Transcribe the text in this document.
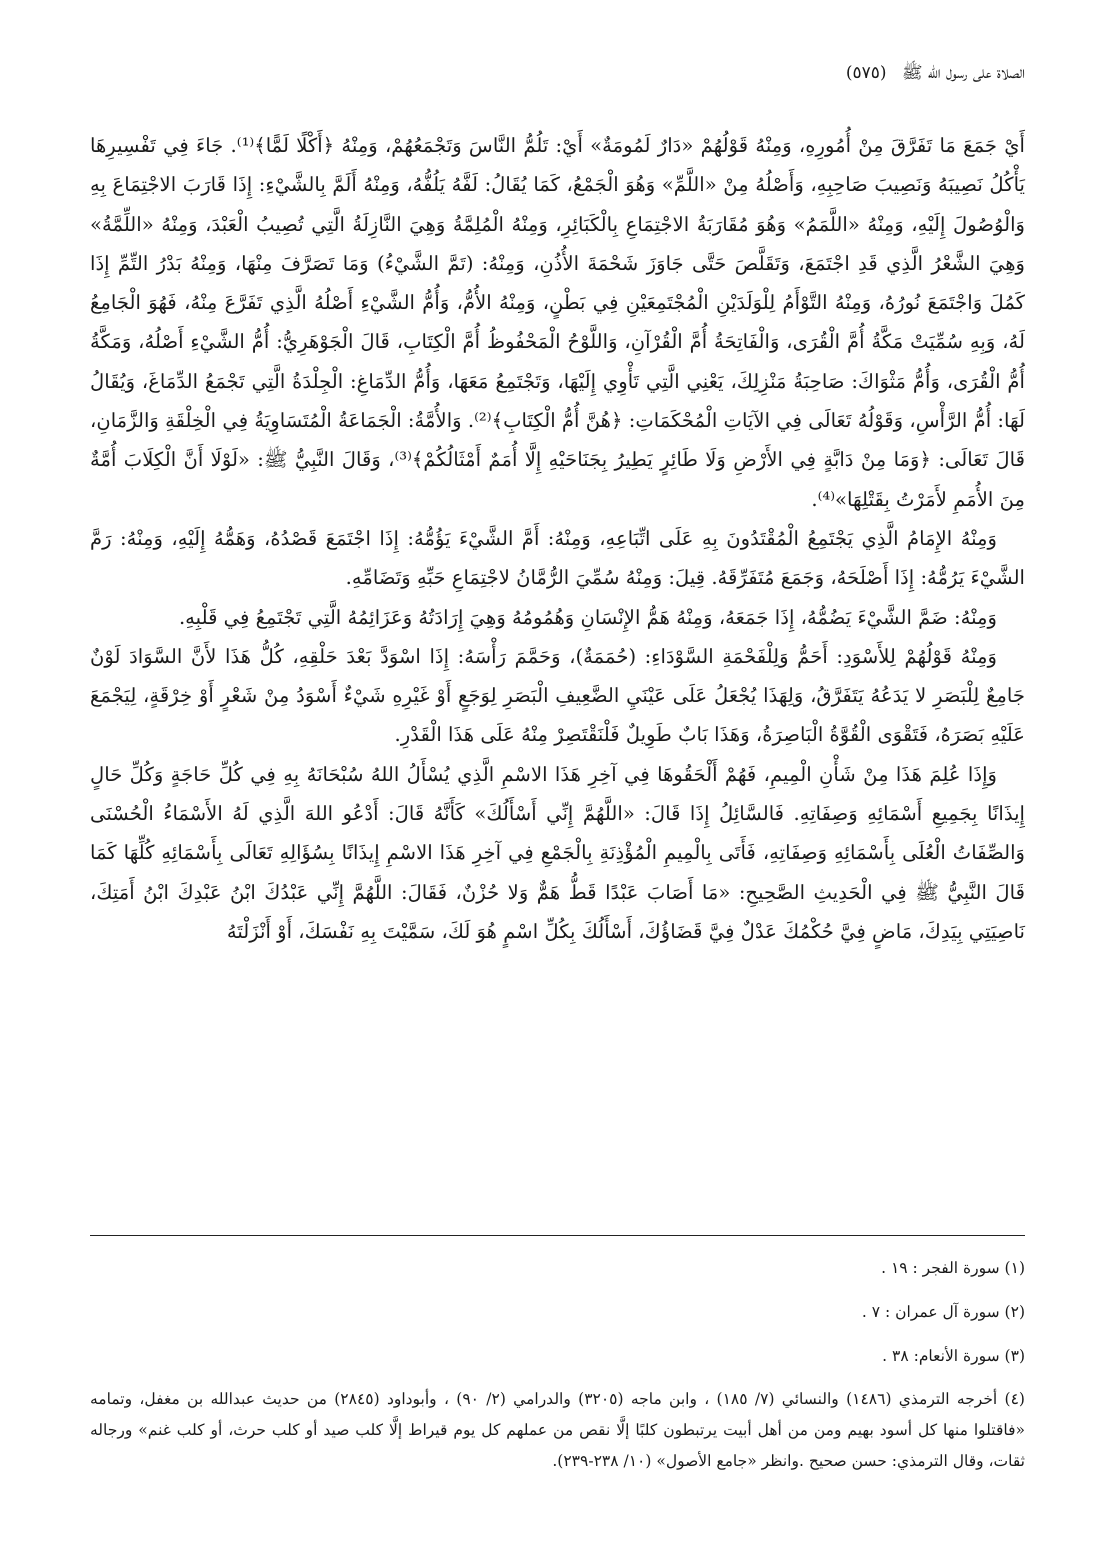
الصلاة على رسول الله ﷺ (٥٧٥)

أَيْ جَمَعَ مَا تَفَرَّقَ مِنْ أُمُورِهِ، وَمِنْهُ قَوْلُهُمْ «دَارٌ لَمُومَةٌ» أَيْ: تَلُمُّ النَّاسَ وَتَجْمَعُهُمْ، وَمِنْهُ ﴿أَكْلًا لَمًّا﴾⁽¹⁾. جَاءَ فِي تَفْسِيرِهَا يَأْكُلُ نَصِيبَهُ وَنَصِيبَ صَاحِبِهِ، وَأَصْلُهُ مِنْ «اللَّمِّ» وَهُوَ الْجَمْعُ، كَمَا يُقَالُ: لَفَّهُ يَلُفُّهُ، وَمِنْهُ أَلَمَّ بِالشَّيْءِ: إِذَا قَارَبَ الاجْتِمَاعَ بِهِ وَالْوُصُولَ إِلَيْهِ، وَمِنْهُ «اللَّمَمُ» وَهُوَ مُقَارَبَةُ الاجْتِمَاعِ بِالْكَبَائِرِ، وَمِنْهُ الْمُلِمَّةُ وَهِيَ النَّازِلَةُ الَّتِي تُصِيبُ الْعَبْدَ، وَمِنْهُ «اللِّمَّةُ» وَهِيَ الشَّعْرُ الَّذِي قَدِ اجْتَمَعَ، وَتَقَلَّصَ حَتَّى جَاوَزَ شَحْمَةَ الأُذُنِ، وَمِنْهُ: (تَمَّ الشَّيْءُ) وَمَا تَصَرَّفَ مِنْهَا، وَمِنْهُ بَدْرُ التِّمِّ إِذَا كَمُلَ وَاجْتَمَعَ نُورُهُ، وَمِنْهُ التَّوْأَمُ لِلْوَلَدَيْنِ الْمُجْتَمِعَيْنِ فِي بَطْنٍ، وَمِنْهُ الأُمُّ، وَأُمُّ الشَّيْءِ أَصْلُهُ الَّذِي تَفَرَّعَ مِنْهُ، فَهُوَ الْجَامِعُ لَهُ، وَبِهِ سُمِّيَتْ مَكَّةُ أُمَّ الْقُرَى، وَالْفَاتِحَةُ أُمَّ الْقُرْآنِ، وَاللَّوْحُ الْمَحْفُوظُ أُمَّ الْكِتَابِ، قَالَ الْجَوْهَرِيُّ: أُمُّ الشَّيْءِ أَصْلُهُ، وَمَكَّةُ أُمُّ الْقُرَى، وَأُمُّ مَثْوَاكَ: صَاحِبَةُ مَنْزِلِكَ، يَعْنِي الَّتِي تَأْوِي إِلَيْهَا، وَتَجْتَمِعُ مَعَهَا، وَأُمُّ الدِّمَاغِ: الْجِلْدَةُ الَّتِي تَجْمَعُ الدِّمَاغَ، وَيُقَالُ لَهَا: أُمُّ الرَّأْسِ، وَقَوْلُهُ تَعَالَى فِي الآيَاتِ الْمُحْكَمَاتِ: ﴿هُنَّ أُمُّ الْكِتَابِ﴾⁽²⁾. وَالأُمَّةُ: الْجَمَاعَةُ الْمُتَسَاوِيَةُ فِي الْخِلْقَةِ وَالزَّمَانِ، قَالَ تَعَالَى: ﴿وَمَا مِنْ دَابَّةٍ فِي الأَرْضِ وَلَا طَائِرٍ يَطِيرُ بِجَنَاحَيْهِ إِلَّا أُمَمٌ أَمْثَالُكُمْ﴾⁽³⁾، وَقَالَ النَّبِيُّ ﷺ: «لَوْلَا أَنَّ الْكِلَابَ أُمَّةٌ مِنَ الأُمَمِ لأَمَرْتُ بِقَتْلِهَا»⁽⁴⁾.

وَمِنْهُ الإِمَامُ الَّذِي يَجْتَمِعُ الْمُقْتَدُونَ بِهِ عَلَى اتِّبَاعِهِ، وَمِنْهُ: أَمَّ الشَّيْءَ يَؤُمُّهُ: إِذَا اجْتَمَعَ قَصْدُهُ، وَهَمُّهُ إِلَيْهِ، وَمِنْهُ: رَمَّ الشَّيْءَ يَرُمُّهُ: إِذَا أَصْلَحَهُ، وَجَمَعَ مُتَفَرِّقَهُ. قِيلَ: وَمِنْهُ سُمِّيَ الرُّمَّانُ لاجْتِمَاعِ حَبِّهِ وَتَضَامِّهِ.

وَمِنْهُ: ضَمَّ الشَّيْءَ يَضُمُّهُ، إِذَا جَمَعَهُ، وَمِنْهُ هَمُّ الإِنْسَانِ وَهُمُومُهُ وَهِيَ إِرَادَتُهُ وَعَزَائِمُهُ الَّتِي تَجْتَمِعُ فِي قَلْبِهِ.

وَمِنْهُ قَوْلُهُمْ لِلأَسْوَدِ: أَحَمُّ وَلِلْفَحْمَةِ السَّوْدَاءِ: (حُمَمَةٌ)، وَحَمَّمَ رَأْسَهُ: إِذَا اسْوَدَّ بَعْدَ حَلْقِهِ، كُلُّ هَذَا لأَنَّ السَّوَادَ لَوْنٌ جَامِعٌ لِلْبَصَرِ لا يَدَعُهُ يَتَفَرَّقُ، وَلِهَذَا يُجْعَلُ عَلَى عَيْنَيِ الضَّعِيفِ الْبَصَرِ لِوَجَعٍ أَوْ غَيْرِهِ شَيْءٌ أَسْوَدُ مِنْ شَعْرٍ أَوْ خِرْقَةٍ، لِيَجْمَعَ عَلَيْهِ بَصَرَهُ، فَتَقْوَى الْقُوَّةُ الْبَاصِرَةُ، وَهَذَا بَابٌ طَوِيلٌ فَلْنَقْتَصِرْ مِنْهُ عَلَى هَذَا الْقَدْرِ.

وَإِذَا عُلِمَ هَذَا مِنْ شَأْنِ الْمِيمِ، فَهُمْ أَلْحَقُوهَا فِي آخِرِ هَذَا الاسْمِ الَّذِي يُسْأَلُ اللهُ سُبْحَانَهُ بِهِ فِي كُلِّ حَاجَةٍ وَكُلِّ حَالٍ إِيذَانًا بِجَمِيعِ أَسْمَائِهِ وَصِفَاتِهِ. فَالسَّائِلُ إِذَا قَالَ: «اللَّهُمَّ إِنِّي أَسْأَلُكَ» كَأَنَّهُ قَالَ: أَدْعُو اللهَ الَّذِي لَهُ الأَسْمَاءُ الْحُسْنَى وَالصِّفَاتُ الْعُلَى بِأَسْمَائِهِ وَصِفَاتِهِ، فَأَتَى بِالْمِيمِ الْمُؤْذِنَةِ بِالْجَمْعِ فِي آخِرِ هَذَا الاسْمِ إِيذَانًا بِسُؤَالِهِ تَعَالَى بِأَسْمَائِهِ كُلِّهَا كَمَا قَالَ النَّبِيُّ ﷺ فِي الْحَدِيثِ الصَّحِيحِ: «مَا أَصَابَ عَبْدًا قَطُّ هَمٌّ وَلا حُزْنٌ، فَقَالَ: اللَّهُمَّ إِنِّي عَبْدُكَ ابْنُ عَبْدِكَ ابْنُ أَمَتِكَ، نَاصِيَتِي بِيَدِكَ، مَاضٍ فِيَّ حُكْمُكَ عَدْلٌ فِيَّ قَضَاؤُكَ، أَسْأَلُكَ بِكُلِّ اسْمٍ هُوَ لَكَ، سَمَّيْتَ بِهِ نَفْسَكَ، أَوْ أَنْزَلْتَهُ

(١) سورة الفجر : ١٩ .

(٢) سورة آل عمران : ٧ .

(٣) سورة الأنعام: ٣٨ .

(٤) أخرجه الترمذي (١٤٨٦) والنسائي (٧/ ١٨٥) ، وابن ماجه (٣٢٠٥) والدرامي (٢/ ٩٠) ، وأبوداود (٢٨٤٥) من حديث عبدالله بن مغفل، وتمامه «فاقتلوا منها كل أسود بهيم ومن من أهل أبيت يرتبطون كلبًا إلَّا نقص من عملهم كل يوم قيراط إلَّا كلب صيد أو كلب حرث، أو كلب غنم» ورجاله ثقات، وقال الترمذي: حسن صحيح .وانظر «جامع الأصول» (١٠/ ٢٣٨-٢٣٩).
